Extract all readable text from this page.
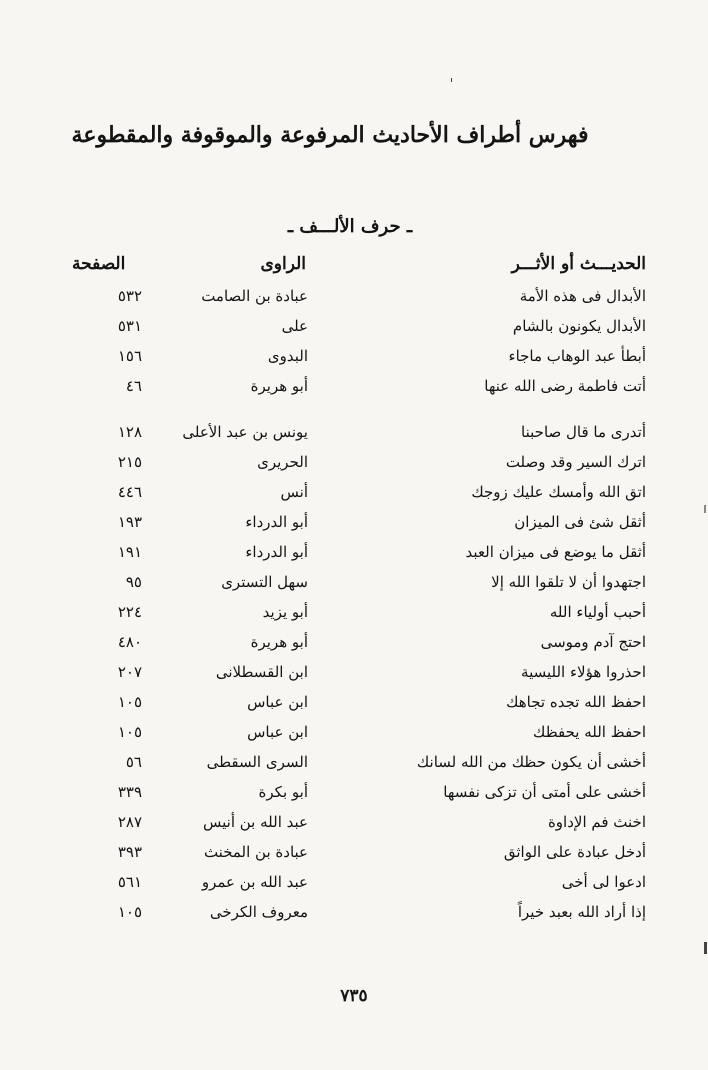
فهرس أطراف الأحاديث المرفوعة والموقوفة والمقطوعة
ـ حرف الألـــف ـ
الحديـــث أو الأثـــر
الراوى
الصفحة
الأبدال فى هذه الأمة
عبادة بن الصامت
٥٣٢
الأبدال يكونون بالشام
على
٥٣١
أبطأ عبد الوهاب ماجاء
البدوى
١٥٦
أتت فاطمة رضى الله عنها
أبو هريرة
٤٦
أتدرى ما قال صاحبنا
يونس بن عبد الأعلى
١٢٨
اترك السير وقد وصلت
الحريرى
٢١٥
اتق الله وأمسك عليك زوجك
أنس
٤٤٦
أثقل شئ فى الميزان
أبو الدرداء
١٩٣
أثقل ما يوضع فى ميزان العبد
أبو الدرداء
١٩١
اجتهدوا أن لا تلقوا الله إلا
سهل التسترى
٩٥
أحبب أولياء الله
أبو يزيد
٢٢٤
احتج آدم وموسى
أبو هريرة
٤٨٠
احذروا هؤلاء الليسية
ابن القسطلانى
٢٠٧
احفظ الله تجده تجاهك
ابن عباس
١٠٥
احفظ الله يحفظك
ابن عباس
١٠٥
أخشى أن يكون حظك من الله لسانك
السرى السقطى
٥٦
أخشى على أمتى أن تزكى نفسها
أبو بكرة
٣٣٩
اخنث فم الإداوة
عبد الله بن أنيس
٢٨٧
أدخل عبادة على الواثق
عبادة بن المخنث
٣٩٣
ادعوا لى أخى
عبد الله بن عمرو
٥٦١
إذا أراد الله بعبد خيراً
معروف الكرخى
١٠٥
٧٣٥
